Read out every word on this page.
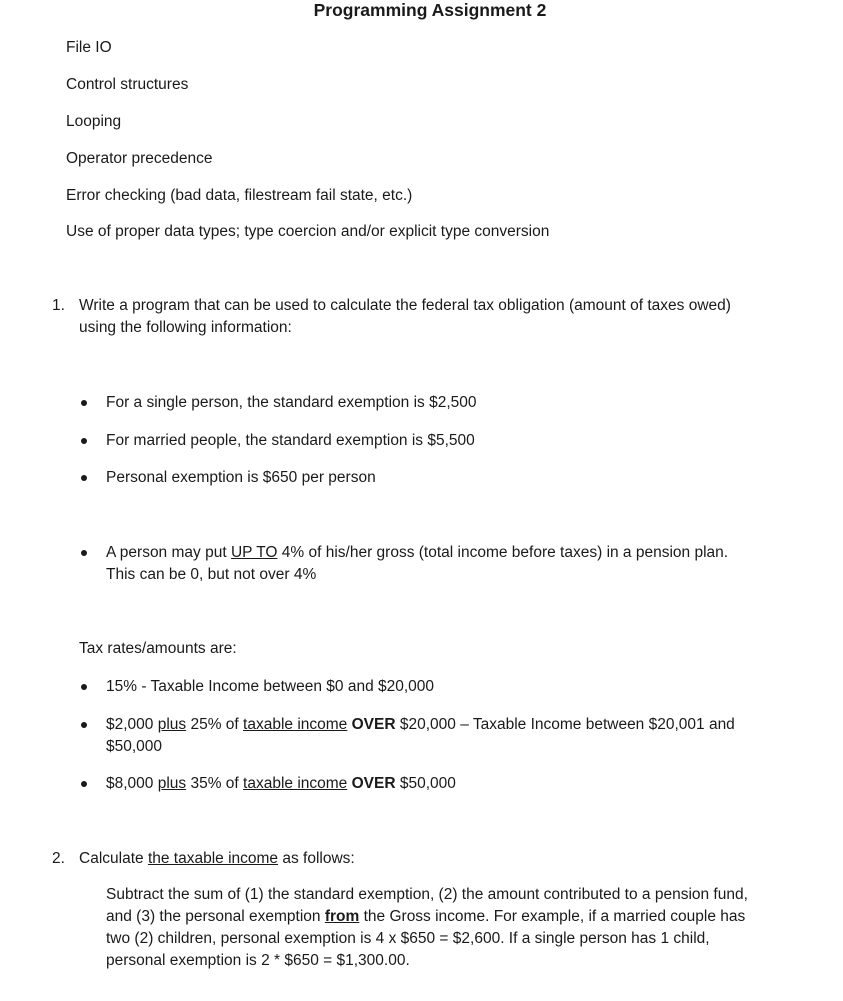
Programming Assignment 2
File IO
Control structures
Looping
Operator precedence
Error checking (bad data, filestream fail state, etc.)
Use of proper data types; type coercion and/or explicit type conversion
1. Write a program that can be used to calculate the federal tax obligation (amount of taxes owed)
using the following information:
For a single person, the standard exemption is $2,500
For married people, the standard exemption is $5,500
Personal exemption is $650 per person
A person may put UP TO 4% of his/her gross (total income before taxes) in a pension plan.
This can be 0, but not over 4%
Tax rates/amounts are:
15% - Taxable Income between $0 and $20,000
$2,000 plus 25% of taxable income OVER $20,000 – Taxable Income between $20,001 and
$50,000
$8,000 plus 35% of taxable income OVER $50,000
2. Calculate the taxable income as follows:
Subtract the sum of (1) the standard exemption, (2) the amount contributed to a pension fund,
and (3) the personal exemption from the Gross income. For example, if a married couple has
two (2) children, personal exemption is 4 x $650 = $2,600. If a single person has 1 child,
personal exemption is 2 * $650 = $1,300.00.
